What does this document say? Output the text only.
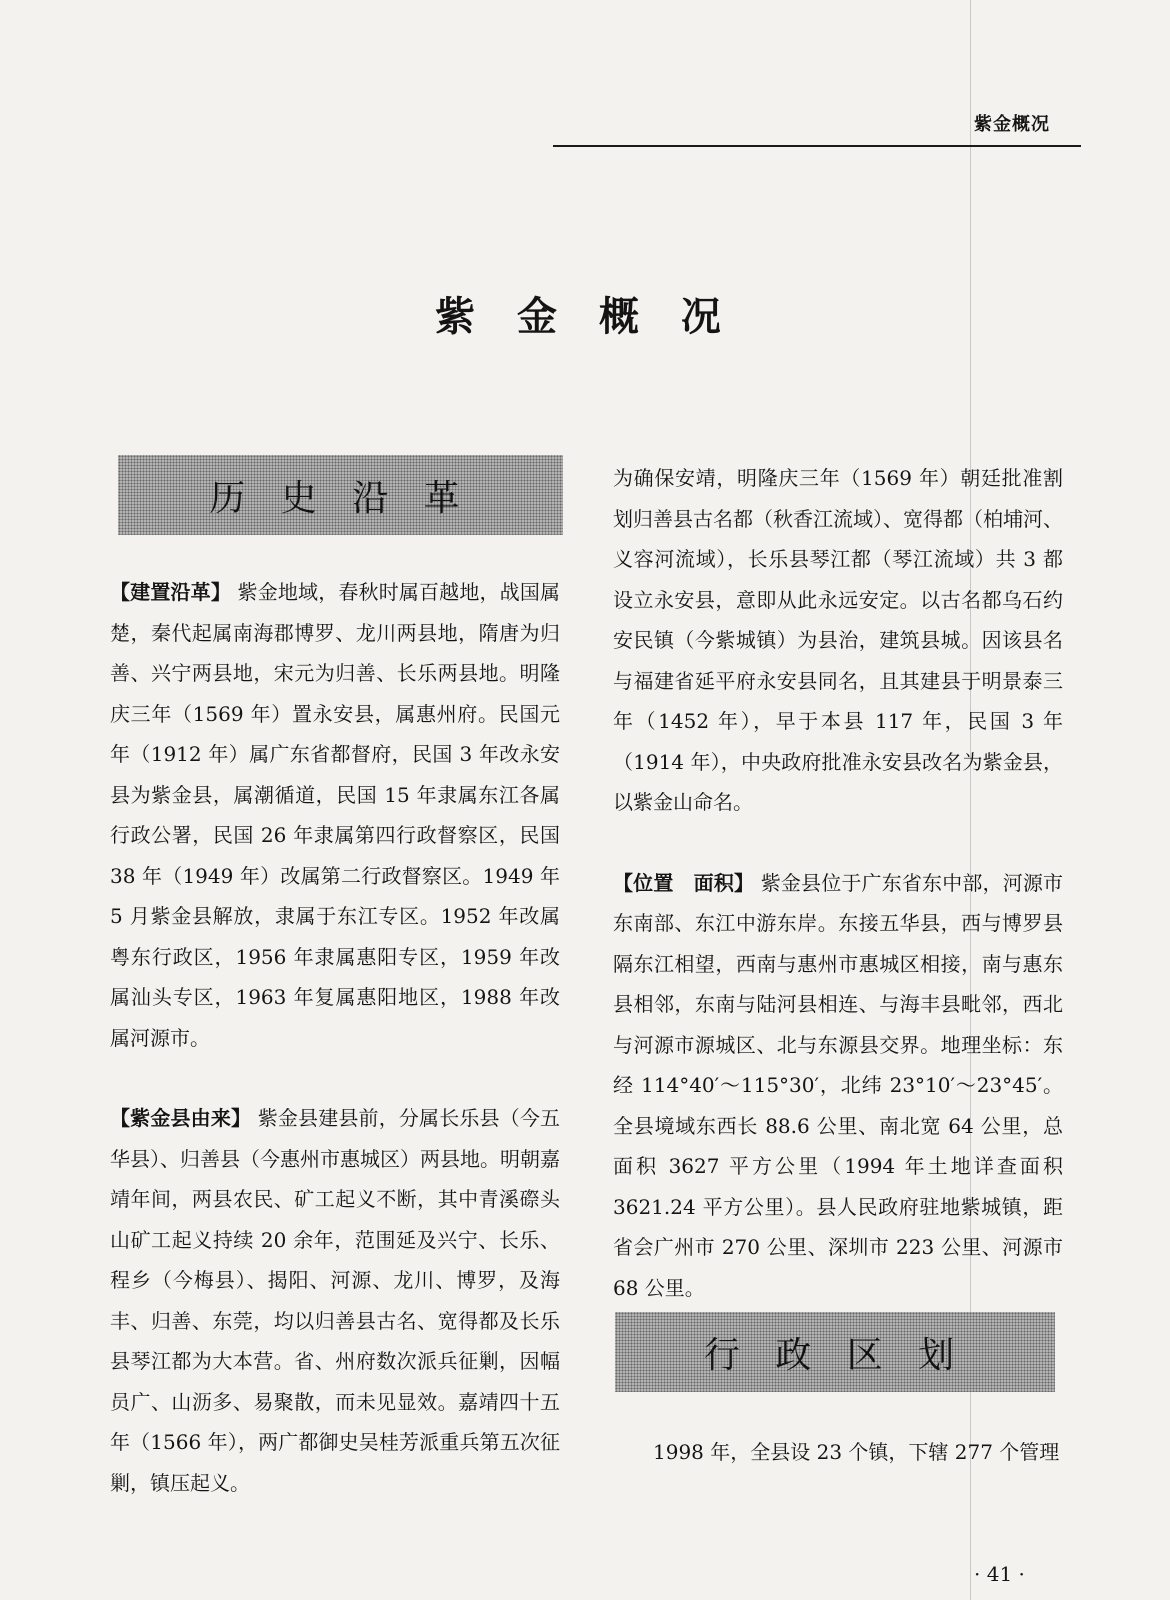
紫金概况
紫 金 概 况
历 史 沿 革

【建置沿革】 紫金地域，春秋时属百越地，战国属楚，秦代起属南海郡博罗、龙川两县地，隋唐为归善、兴宁两县地，宋元为归善、长乐两县地。明隆庆三年（1569 年）置永安县，属惠州府。民国元年（1912 年）属广东省都督府，民国 3 年改永安县为紫金县，属潮循道，民国 15 年隶属东江各属行政公署，民国 26 年隶属第四行政督察区，民国 38 年（1949 年）改属第二行政督察区。1949 年 5 月紫金县解放，隶属于东江专区。1952 年改属粤东行政区，1956 年隶属惠阳专区，1959 年改属汕头专区，1963 年复属惠阳地区，1988 年改属河源市。

【紫金县由来】 紫金县建县前，分属长乐县（今五华县）、归善县（今惠州市惠城区）两县地。明朝嘉靖年间，两县农民、矿工起义不断，其中青溪磜头山矿工起义持续 20 余年，范围延及兴宁、长乐、程乡（今梅县）、揭阳、河源、龙川、博罗，及海丰、归善、东莞，均以归善县古名、宽得都及长乐县琴江都为大本营。省、州府数次派兵征剿，因幅员广、山沥多、易聚散，而未见显效。嘉靖四十五年（1566 年），两广都御史吴桂芳派重兵第五次征剿，镇压起义。

为确保安靖，明隆庆三年（1569 年）朝廷批准割划归善县古名都（秋香江流域）、宽得都（柏埔河、义容河流域），长乐县琴江都（琴江流域）共 3 都设立永安县，意即从此永远安定。以古名都乌石约安民镇（今紫城镇）为县治，建筑县城。因该县名与福建省延平府永安县同名，且其建县于明景泰三年（1452 年），早于本县 117 年，民国 3 年（1914 年），中央政府批准永安县改名为紫金县，以紫金山命名。

【位置　面积】 紫金县位于广东省东中部，河源市东南部、东江中游东岸。东接五华县，西与博罗县隔东江相望，西南与惠州市惠城区相接，南与惠东县相邻，东南与陆河县相连、与海丰县毗邻，西北与河源市源城区、北与东源县交界。地理坐标：东经 114°40′～115°30′，北纬 23°10′～23°45′。全县境域东西长 88.6 公里、南北宽 64 公里，总面积 3627 平方公里（1994 年土地详查面积 3621.24 平方公里）。县人民政府驻地紫城镇，距省会广州市 270 公里、深圳市 223 公里、河源市 68 公里。

行 政 区 划
1998 年，全县设 23 个镇，下辖 277 个管理
· 41 ·
